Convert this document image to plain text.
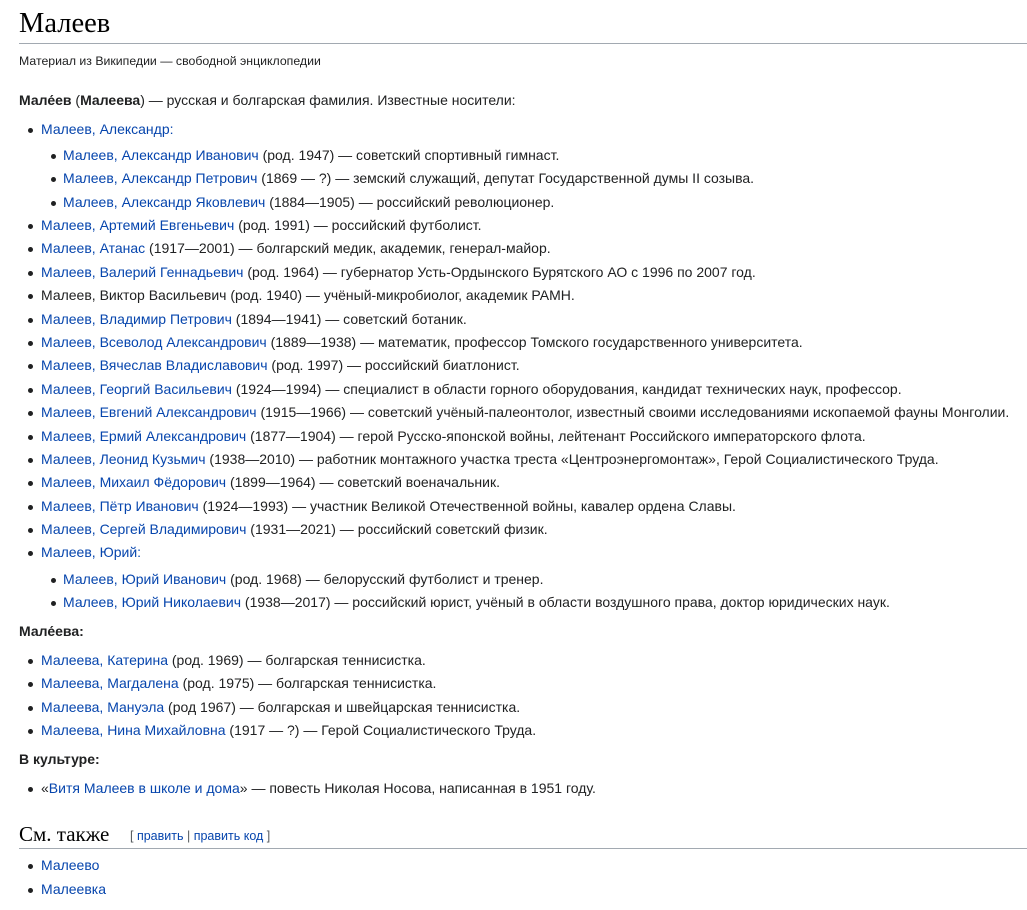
Малеев
Материал из Википедии — свободной энциклопедии
Мале́ев (Малеева) — русская и болгарская фамилия. Известные носители:
Малеев, Александр:
Малеев, Александр Иванович (род. 1947) — советский спортивный гимнаст.
Малеев, Александр Петрович (1869 — ?) — земский служащий, депутат Государственной думы II созыва.
Малеев, Александр Яковлевич (1884—1905) — российский революционер.
Малеев, Артемий Евгеньевич (род. 1991) — российский футболист.
Малеев, Атанас (1917—2001) — болгарский медик, академик, генерал-майор.
Малеев, Валерий Геннадьевич (род. 1964) — губернатор Усть-Ордынского Бурятского АО с 1996 по 2007 год.
Малеев, Виктор Васильевич (род. 1940) — учёный-микробиолог, академик РАМН.
Малеев, Владимир Петрович (1894—1941) — советский ботаник.
Малеев, Всеволод Александрович (1889—1938) — математик, профессор Томского государственного университета.
Малеев, Вячеслав Владиславович (род. 1997) — российский биатлонист.
Малеев, Георгий Васильевич (1924—1994) — специалист в области горного оборудования, кандидат технических наук, профессор.
Малеев, Евгений Александрович (1915—1966) — советский учёный-палеонтолог, известный своими исследованиями ископаемой фауны Монголии.
Малеев, Ермий Александрович (1877—1904) — герой Русско-японской войны, лейтенант Российского императорского флота.
Малеев, Леонид Кузьмич (1938—2010) — работник монтажного участка треста «Центроэнергомонтаж», Герой Социалистического Труда.
Малеев, Михаил Фёдорович (1899—1964) — советский военачальник.
Малеев, Пётр Иванович (1924—1993) — участник Великой Отечественной войны, кавалер ордена Славы.
Малеев, Сергей Владимирович (1931—2021) — российский советский физик.
Малеев, Юрий:
Малеев, Юрий Иванович (род. 1968) — белорусский футболист и тренер.
Малеев, Юрий Николаевич (1938—2017) — российский юрист, учёный в области воздушного права, доктор юридических наук.
Мале́ева:
Малеева, Катерина (род. 1969) — болгарская теннисистка.
Малеева, Магдалена (род. 1975) — болгарская теннисистка.
Малеева, Мануэла (род 1967) — болгарская и швейцарская теннисистка.
Малеева, Нина Михайловна (1917 — ?) — Герой Социалистического Труда.
В культуре:
«Витя Малеев в школе и дома» — повесть Николая Носова, написанная в 1951 году.
См. также [ править | править код ]
Малеево
Малеевка
